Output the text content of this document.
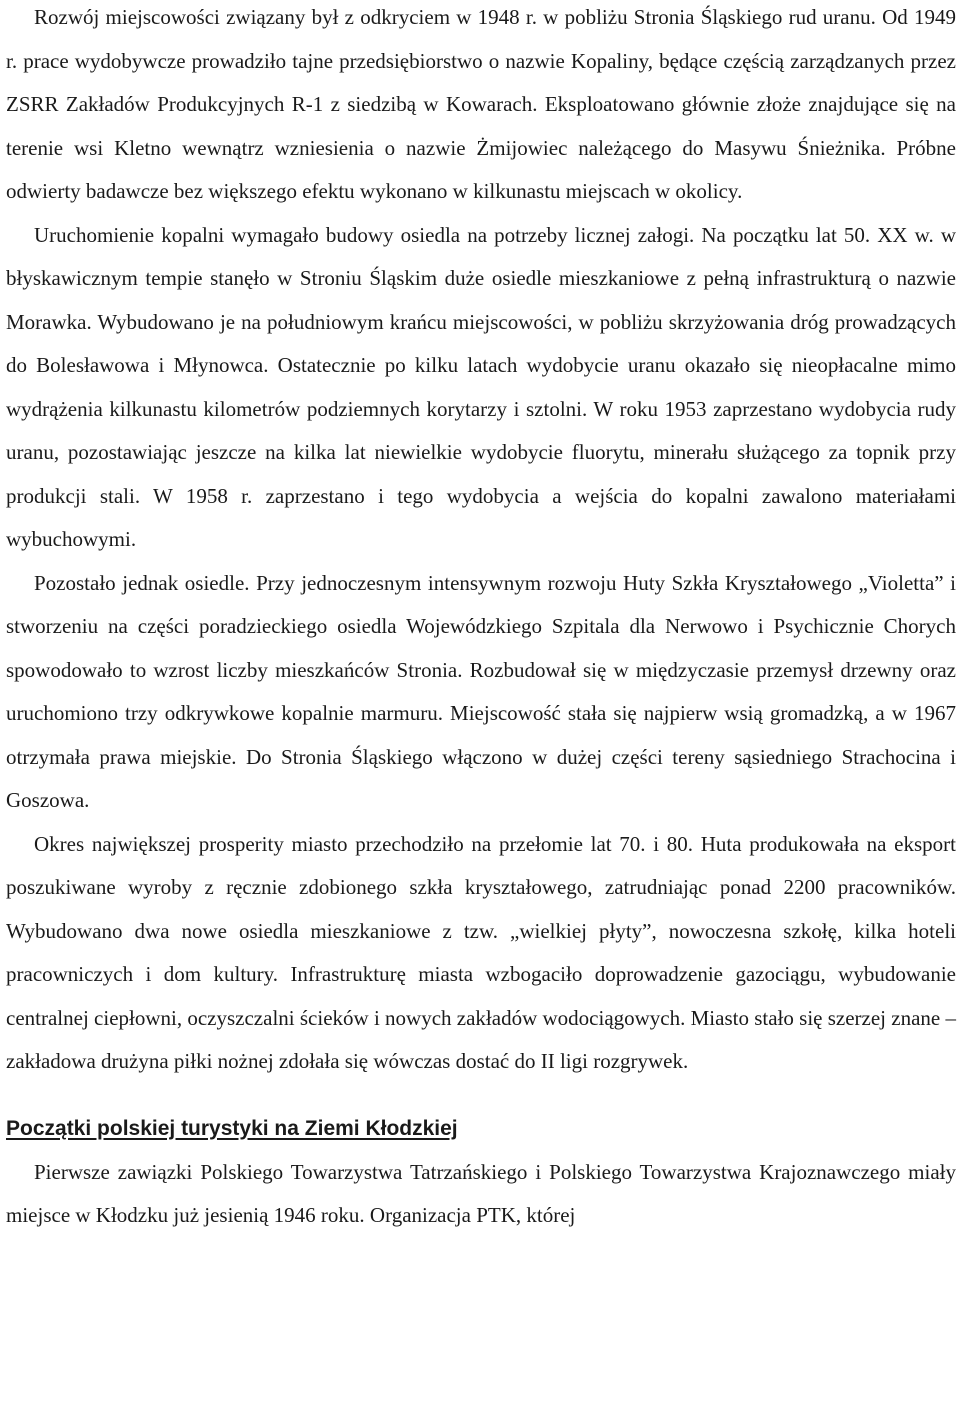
Rozwój miejscowości związany był z odkryciem w 1948 r. w pobliżu Stronia Śląskiego rud uranu. Od 1949 r. prace wydobywcze prowadziło tajne przedsiębiorstwo o nazwie Kopaliny, będące częścią zarządzanych przez ZSRR Zakładów Produkcyjnych R-1 z siedzibą w Kowarach. Eksploatowano głównie złoże znajdujące się na terenie wsi Kletno wewnątrz wzniesienia o nazwie Żmijowiec należącego do Masywu Śnieżnika. Próbne odwierty badawcze bez większego efektu wykonano w kilkunastu miejscach w okolicy.

Uruchomienie kopalni wymagało budowy osiedla na potrzeby licznej załogi. Na początku lat 50. XX w. w błyskawicznym tempie stanęło w Stroniu Śląskim duże osiedle mieszkaniowe z pełną infrastrukturą o nazwie Morawka. Wybudowano je na południowym krańcu miejscowości, w pobliżu skrzyżowania dróg prowadzących do Bolesławowa i Młynowca. Ostatecznie po kilku latach wydobycie uranu okazało się nieopłacalne mimo wydrążenia kilkunastu kilometrów podziemnych korytarzy i sztolni. W roku 1953 zaprzestano wydobycia rudy uranu, pozostawiając jeszcze na kilka lat niewielkie wydobycie fluorytu, minerału służącego za topnik przy produkcji stali. W 1958 r. zaprzestano i tego wydobycia a wejścia do kopalni zawalono materiałami wybuchowymi.

Pozostało jednak osiedle. Przy jednoczesnym intensywnym rozwoju Huty Szkła Kryształowego „Violetta” i stworzeniu na części poradzieckiego osiedla Wojewódzkiego Szpitala dla Nerwowo i Psychicznie Chorych spowodowało to wzrost liczby mieszkańców Stronia. Rozbudował się w międzyczasie przemysł drzewny oraz uruchomiono trzy odkrywkowe kopalnie marmuru. Miejscowość stała się najpierw wsią gromadzką, a w 1967 otrzymała prawa miejskie. Do Stronia Śląskiego włączono w dużej części tereny sąsiedniego Strachocina i Goszowa.

Okres największej prosperity miasto przechodziło na przełomie lat 70. i 80. Huta produkowała na eksport poszukiwane wyroby z ręcznie zdobionego szkła kryształowego, zatrudniając ponad 2200 pracowników. Wybudowano dwa nowe osiedla mieszkaniowe z tzw. „wielkiej płyty”, nowoczesna szkołę, kilka hoteli pracowniczych i dom kultury. Infrastrukturę miasta wzbogaciło doprowadzenie gazociągu, wybudowanie centralnej ciepłowni, oczyszczalni ścieków i nowych zakładów wodociągowych. Miasto stało się szerzej znane – zakładowa drużyna piłki nożnej zdołała się wówczas dostać do II ligi rozgrywek.

Początki polskiej turystyki na Ziemi Kłodzkiej

Pierwsze zawiązki Polskiego Towarzystwa Tatrzańskiego i Polskiego Towarzystwa Krajoznawczego miały miejsce w Kłodzku już jesienią 1946 roku. Organizacja PTK, której
